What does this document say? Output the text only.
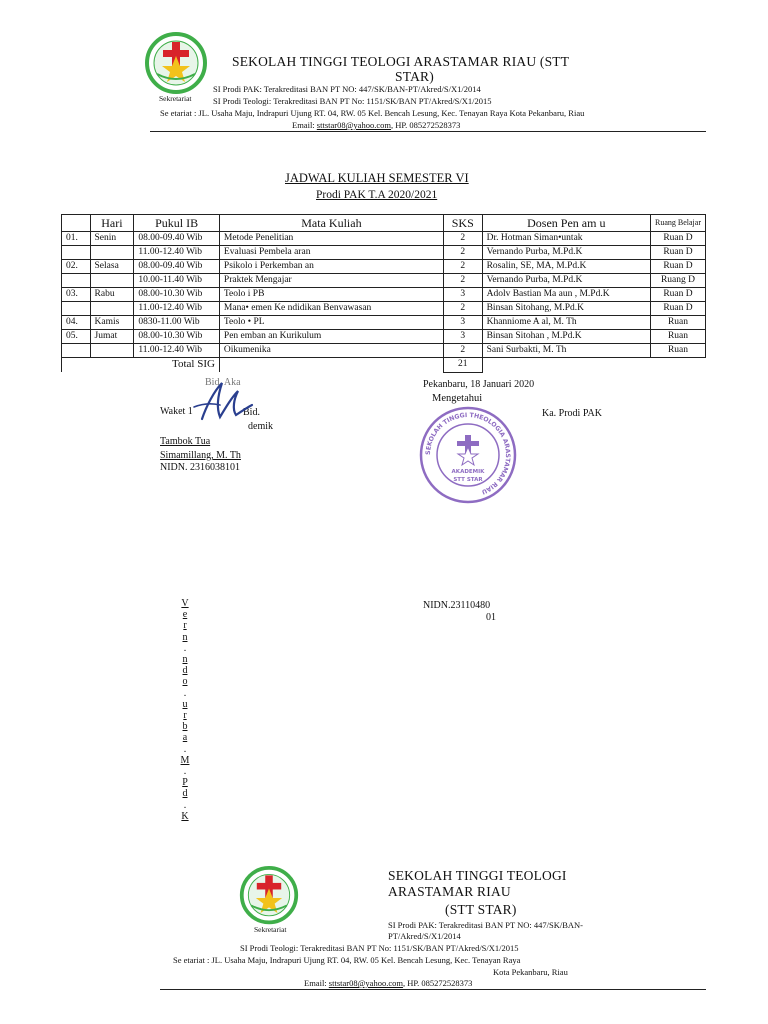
Sekretariat
SEKOLAH TINGGI TEOLOGI ARASTAMAR RIAU (STT
STAR)
SI Prodi PAK: Terakreditasi BAN PT NO: 447/SK/BAN-PT/Akred/S/X1/2014
SI Prodi Teologi: Terakreditasi BAN PT No: 1151/SK/BAN PT/Akred/S/X1/2015
Se etariat : JL. Usaha Maju, Indrapuri Ujung RT. 04, RW. 05 Kel. Bencah Lesung, Kec. Tenayan Raya Kota Pekanbaru, Riau
Email: sttstar08@yahoo.com, HP. 085272528373
JADWAL KULIAH SEMESTER VI
Prodi PAK T.A 2020/2021
	Hari	Pukul IB	Mata Kuliah	SKS	Dosen Pen am u	Ruang Belajar
01.	Senin	08.00-09.40 Wib	Metode Penelitian	2	Dr. Hotman Siman•untak	Ruan D
		11.00-12.40 Wib	Evaluasi Pembela aran	2	Vernando Purba, M.Pd.K	Ruan D
02.	Selasa	08.00-09.40 Wib	Psikolo i Perkemban an	2	Rosalin, SE, MA, M.Pd.K	Ruan D
		10.00-11.40 Wib	Praktek Mengajar	2	Vernando Purba, M.Pd.K	Ruang D
03.	Rabu	08.00-10.30 Wib	Teolo i PB	3	Adolv Bastian Ma aun , M.Pd.K	Ruan D
		11.00-12.40 Wib	Mana• emen Ke ndidikan Benvawasan	2	Binsan Sitohang, M.Pd.K	Ruan D
04.	Kamis	0830-11.00 Wib	Teolo • PL	3	Khanniome A al, M. Th	Ruan
05.	Jumat	08.00-10.30 Wib	Pen emban an Kurikulum	3	Binsan Sitohan , M.Pd.K	Ruan
		11.00-12.40 Wib	Oikumenika	2	Sani Surbakti, M. Th	Ruan
Total SIG				21		
Pekanbaru, 18 Januari 2020
Mengetahui
Bid. Aka
Waket 1	Bid.
demik
Tambok Tua
Simamillang, M. Th
NIDN. 2316038101
Ka. Prodi PAK
SEKOLAH TINGGI THEOLOGIA ARASTAMAR RIAU
AKADEMIK
STT STAR
NIDN.23110480
01
V
e
r
n
.
n
d
o
.
u
r
b
a
.
M
.
P
d
.
K
Sekretariat
SEKOLAH TINGGI TEOLOGI
ARASTAMAR RIAU
(STT STAR)
SI Prodi PAK: Terakreditasi BAN PT NO: 447/SK/BAN-
PT/Akred/S/X1/2014
SI Prodi Teologi: Terakreditasi BAN PT No: 1151/SK/BAN PT/Akred/S/X1/2015
Se etariat : JL. Usaha Maju, Indrapuri Ujung RT. 04, RW. 05 Kel. Bencah Lesung, Kec. Tenayan Raya
Kota Pekanbaru, Riau
Email: sttstar08@yahoo.com, HP. 085272528373
